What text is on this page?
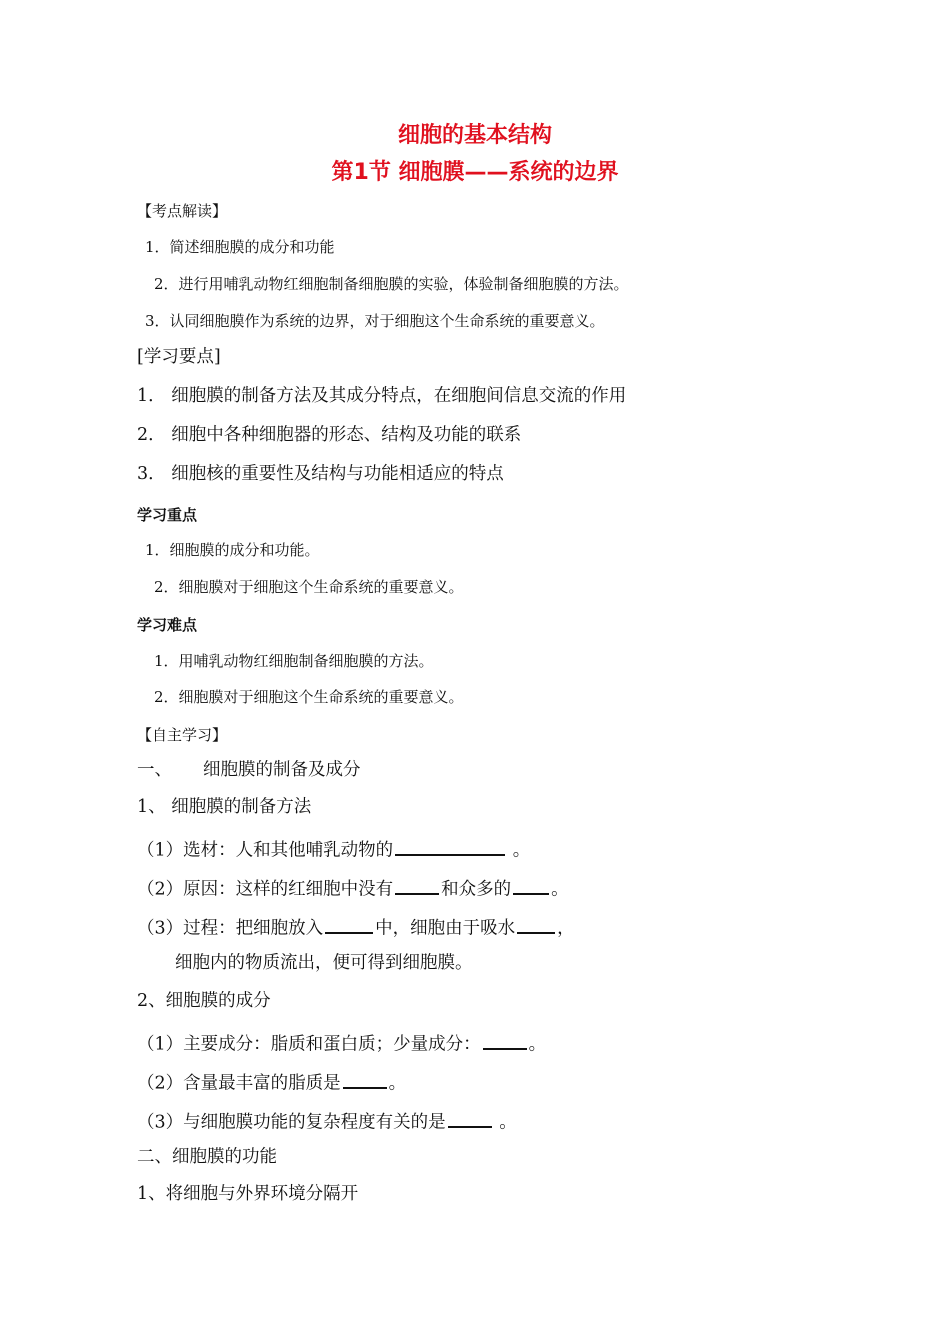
细胞的基本结构
第1节 细胞膜——系统的边界
【考点解读】
1．简述细胞膜的成分和功能
2．进行用哺乳动物红细胞制备细胞膜的实验，体验制备细胞膜的方法。
3．认同细胞膜作为系统的边界，对于细胞这个生命系统的重要意义。
[学习要点]
1． 细胞膜的制备方法及其成分特点，在细胞间信息交流的作用
2． 细胞中各种细胞器的形态、结构及功能的联系
3． 细胞核的重要性及结构与功能相适应的特点
学习重点
1．细胞膜的成分和功能。
2．细胞膜对于细胞这个生命系统的重要意义。
学习难点
1．用哺乳动物红细胞制备细胞膜的方法。
2．细胞膜对于细胞这个生命系统的重要意义。
【自主学习】
一、 细胞膜的制备及成分
1、 细胞膜的制备方法
（1）选材：人和其他哺乳动物的	。
（2）原因：这样的红细胞中没有	和众多的 。
（3）过程：把细胞放入	中，细胞由于吸水 ，
细胞内的物质流出，便可得到细胞膜。
2、细胞膜的成分
（1）主要成分：脂质和蛋白质；少量成分：	。
（2）含量最丰富的脂质是	。
（3）与细胞膜功能的复杂程度有关的是	。
二、细胞膜的功能
1、将细胞与外界环境分隔开
